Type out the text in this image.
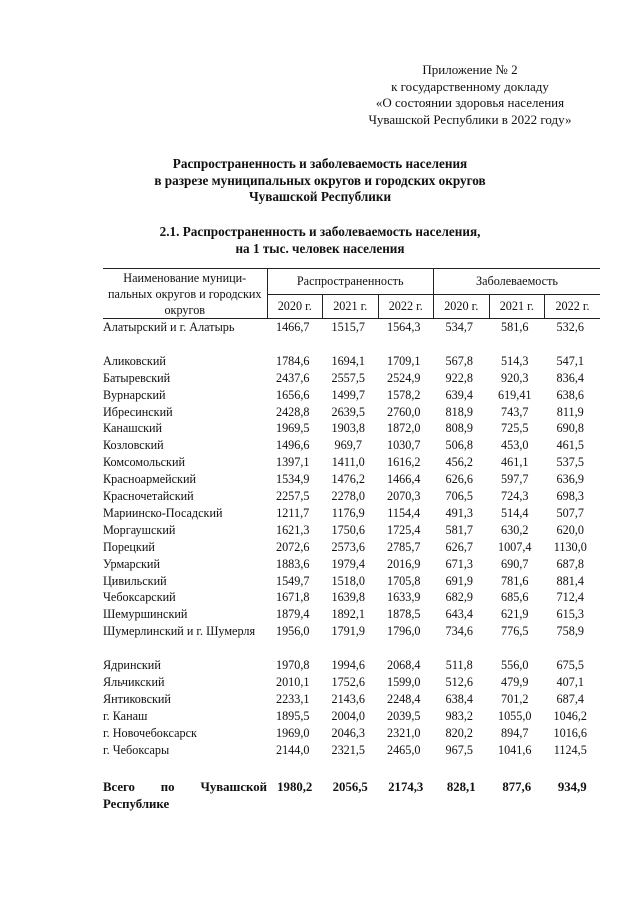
Приложение № 2
к государственному докладу
«О состоянии здоровья населения
Чувашской Республики в 2022 году»
Распространенность и заболеваемость населения
в разрезе муниципальных округов и городских округов
Чувашской Республики
2.1. Распространенность и заболеваемость населения,
на 1 тыс. человек населения
Наименование муници-пальных округов и городских округов	Распространенность			Заболеваемость		
	2020 г.	2021 г.	2022 г.	2020 г.	2021 г.	2022 г.
Алатырский и г. Алатырь	1466,7	1515,7	1564,3	534,7	581,6	532,6
Аликовский	1784,6	1694,1	1709,1	567,8	514,3	547,1
Батыревский	2437,6	2557,5	2524,9	922,8	920,3	836,4
Вурнарский	1656,6	1499,7	1578,2	639,4	619,41	638,6
Ибресинский	2428,8	2639,5	2760,0	818,9	743,7	811,9
Канашский	1969,5	1903,8	1872,0	808,9	725,5	690,8
Козловский	1496,6	969,7	1030,7	506,8	453,0	461,5
Комсомольский	1397,1	1411,0	1616,2	456,2	461,1	537,5
Красноармейский	1534,9	1476,2	1466,4	626,6	597,7	636,9
Красночетайский	2257,5	2278,0	2070,3	706,5	724,3	698,3
Мариинско-Посадский	1211,7	1176,9	1154,4	491,3	514,4	507,7
Моргаушский	1621,3	1750,6	1725,4	581,7	630,2	620,0
Порецкий	2072,6	2573,6	2785,7	626,7	1007,4	1130,0
Урмарский	1883,6	1979,4	2016,9	671,3	690,7	687,8
Цивильский	1549,7	1518,0	1705,8	691,9	781,6	881,4
Чебоксарский	1671,8	1639,8	1633,9	682,9	685,6	712,4
Шемуршинский	1879,4	1892,1	1878,5	643,4	621,9	615,3
Шумерлинский и г. Шумерля	1956,0	1791,9	1796,0	734,6	776,5	758,9
Ядринский	1970,8	1994,6	2068,4	511,8	556,0	675,5
Яльчикский	2010,1	1752,6	1599,0	512,6	479,9	407,1
Янтиковский	2233,1	2143,6	2248,4	638,4	701,2	687,4
г. Канаш	1895,5	2004,0	2039,5	983,2	1055,0	1046,2
г. Новочебоксарск	1969,0	2046,3	2321,0	820,2	894,7	1016,6
г. Чебоксары	2144,0	2321,5	2465,0	967,5	1041,6	1124,5

Всего по Чувашской Республике	1980,2	2056,5	2174,3	828,1	877,6	934,9
